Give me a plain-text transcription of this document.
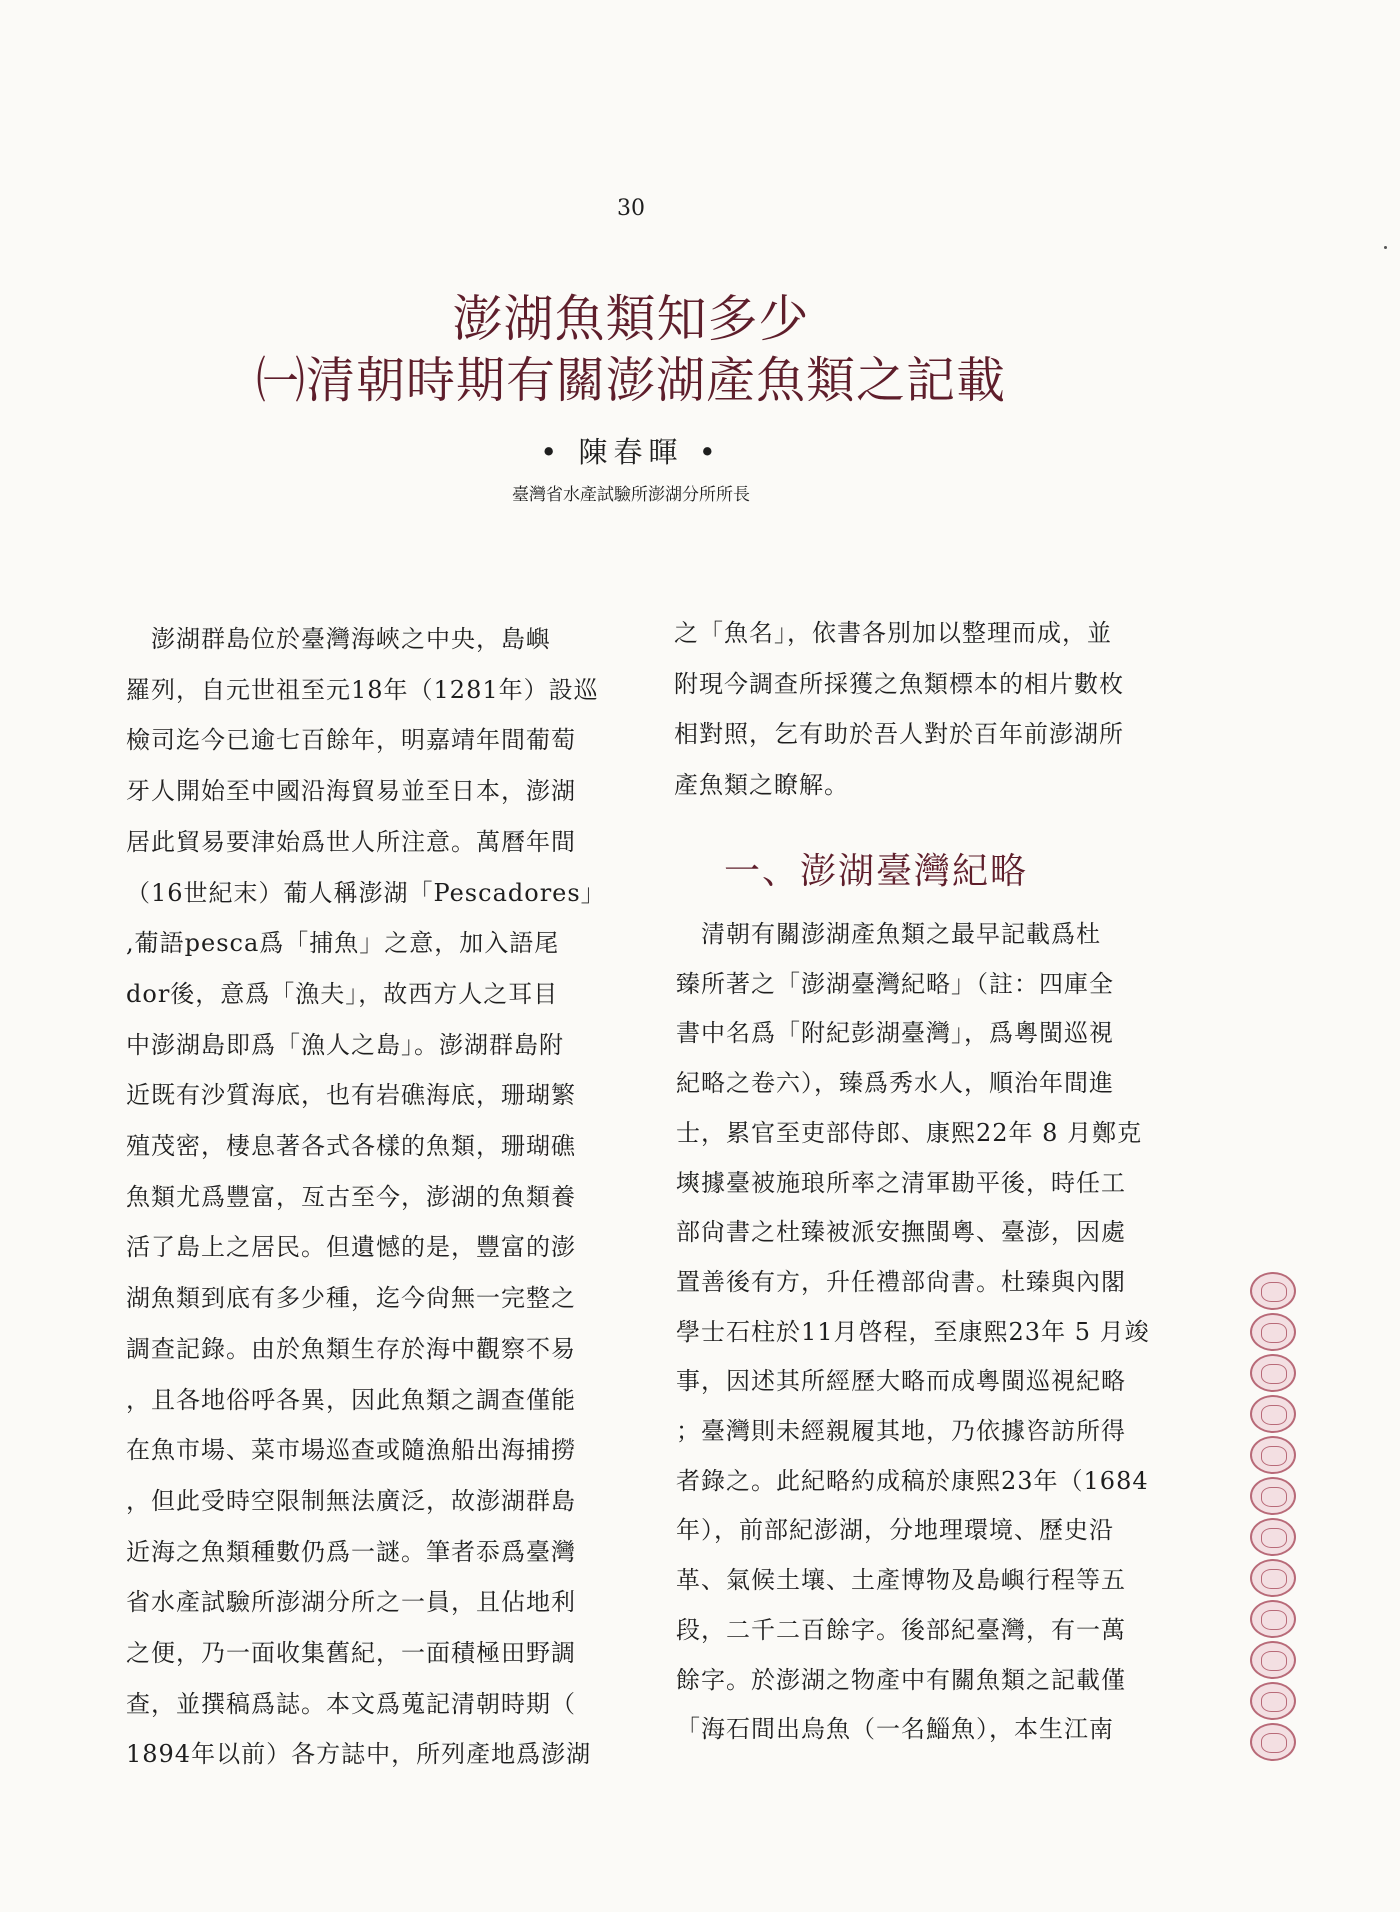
30
澎湖魚類知多少
㈠清朝時期有關澎湖產魚類之記載
• 陳春暉 •
臺灣省水產試驗所澎湖分所所長
　澎湖群島位於臺灣海峽之中央，島嶼
羅列，自元世祖至元18年（1281年）設巡
檢司迄今已逾七百餘年，明嘉靖年間葡萄
牙人開始至中國沿海貿易並至日本，澎湖
居此貿易要津始爲世人所注意。萬曆年間
（16世紀末）葡人稱澎湖「Pescadores」
,葡語pesca爲「捕魚」之意，加入語尾
dor後，意爲「漁夫」，故西方人之耳目
中澎湖島即爲「漁人之島」。澎湖群島附
近既有沙質海底，也有岩礁海底，珊瑚繁
殖茂密，棲息著各式各樣的魚類，珊瑚礁
魚類尤爲豐富，亙古至今，澎湖的魚類養
活了島上之居民。但遺憾的是，豐富的澎
湖魚類到底有多少種，迄今尙無一完整之
調查記錄。由於魚類生存於海中觀察不易
，且各地俗呼各異，因此魚類之調查僅能
在魚市場、菜市場巡查或隨漁船出海捕撈
，但此受時空限制無法廣泛，故澎湖群島
近海之魚類種數仍爲一謎。筆者忝爲臺灣
省水產試驗所澎湖分所之一員，且佔地利
之便，乃一面收集舊紀，一面積極田野調
查，並撰稿爲誌。本文爲蒐記清朝時期（
1894年以前）各方誌中，所列產地爲澎湖
之「魚名」，依書各別加以整理而成，並
附現今調查所採獲之魚類標本的相片數枚
相對照，乞有助於吾人對於百年前澎湖所
產魚類之瞭解。
一、澎湖臺灣紀略
　清朝有關澎湖產魚類之最早記載爲杜
臻所著之「澎湖臺灣紀略」（註：四庫全
書中名爲「附紀彭湖臺灣」，爲粵閩巡視
紀略之卷六），臻爲秀水人，順治年間進
士，累官至吏部侍郎、康熙22年 8 月鄭克
塽據臺被施琅所率之清軍勘平後，時任工
部尙書之杜臻被派安撫閩粵、臺澎，因處
置善後有方，升任禮部尙書。杜臻與內閣
學士石柱於11月啓程，至康熙23年 5 月竣
事，因述其所經歷大略而成粵閩巡視紀略
；臺灣則未經親履其地，乃依據咨訪所得
者錄之。此紀略約成稿於康熙23年（1684
年），前部紀澎湖，分地理環境、歷史沿
革、氣候土壤、土產博物及島嶼行程等五
段，二千二百餘字。後部紀臺灣，有一萬
餘字。於澎湖之物產中有關魚類之記載僅
「海石間出烏魚（一名鯔魚），本生江南
